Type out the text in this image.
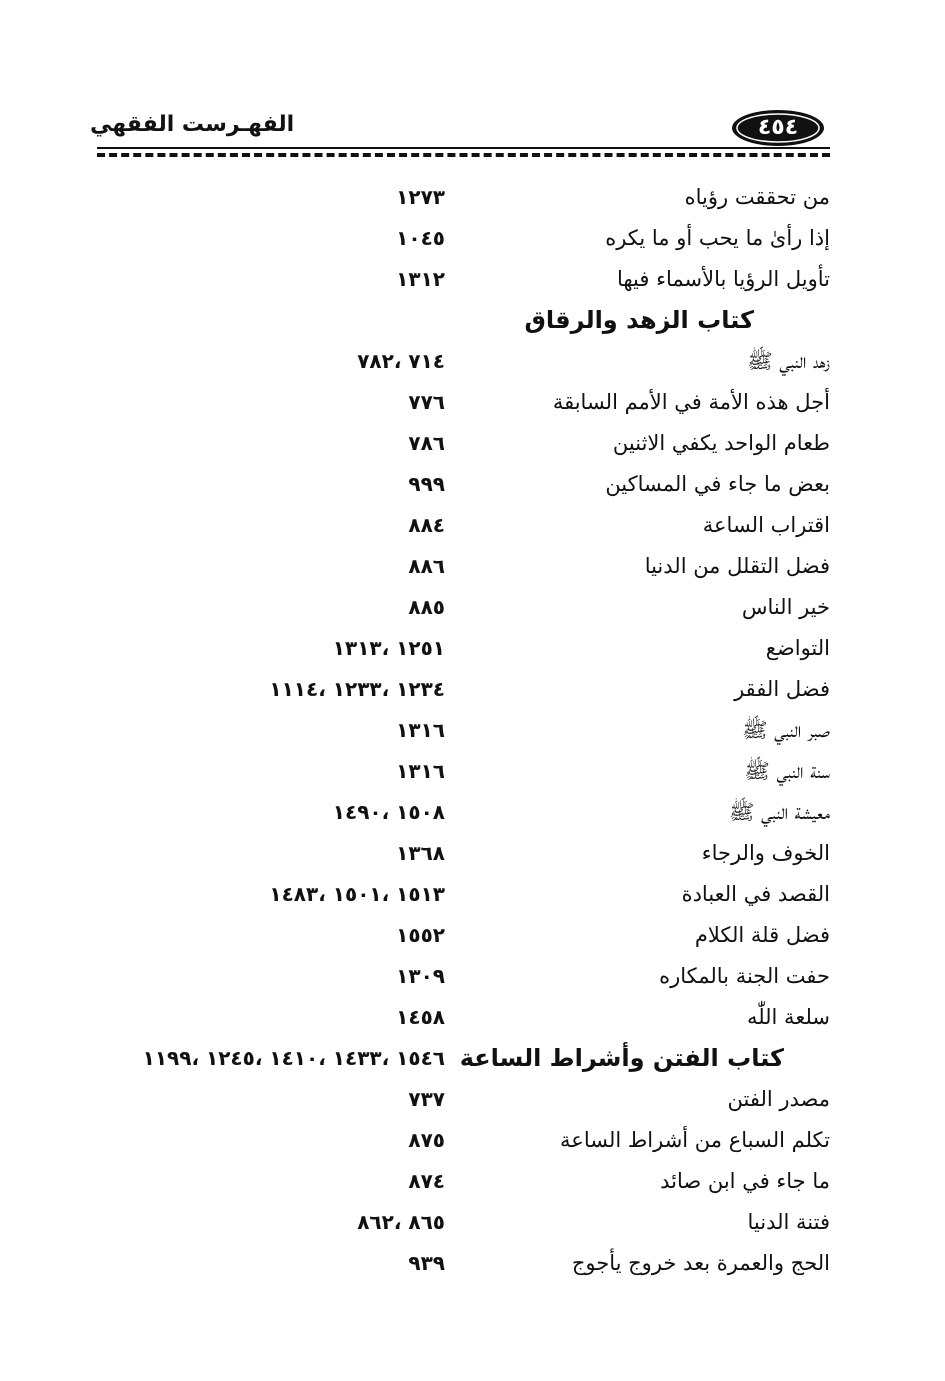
الفهـرست الفقهي	٤٥٤
من تحققت رؤياه
١٢٧٣
إذا رأىٰ ما يحب أو ما يكره
١٠٤٥
تأويل الرؤيا بالأسماء فيها
١٣١٢
كتاب الزهد والرقاق
زهد النبي ﷺ
٧١٤ ،٧٨٢
أجل هذه الأمة في الأمم السابقة
٧٧٦
طعام الواحد يكفي الاثنين
٧٨٦
بعض ما جاء في المساكين
٩٩٩
اقتراب الساعة
٨٨٤
فضل التقلل من الدنيا
٨٨٦
خير الناس
٨٨٥
التواضع
١٢٥١ ،١٣١٣
فضل الفقر
١٢٣٤ ،١٢٣٣ ،١١١٤
صبر النبي ﷺ
١٣١٦
سنة النبي ﷺ
١٣١٦
معيشة النبي ﷺ
١٥٠٨ ،١٤٩٠
الخوف والرجاء
١٣٦٨
القصد في العبادة
١٥١٣ ،١٥٠١ ،١٤٨٣
فضل قلة الكلام
١٥٥٢
حفت الجنة بالمكاره
١٣٠٩
سلعة اللّٰه
١٤٥٨
كتاب الفتن وأشراط الساعة
١٥٤٦ ،١٤٣٣ ،١٤١٠ ،١٢٤٥ ،١١٩٩
مصدر الفتن
٧٣٧
تكلم السباع من أشراط الساعة
٨٧٥
ما جاء في ابن صائد
٨٧٤
فتنة الدنيا
٨٦٥ ،٨٦٢
الحج والعمرة بعد خروج يأجوج
٩٣٩
